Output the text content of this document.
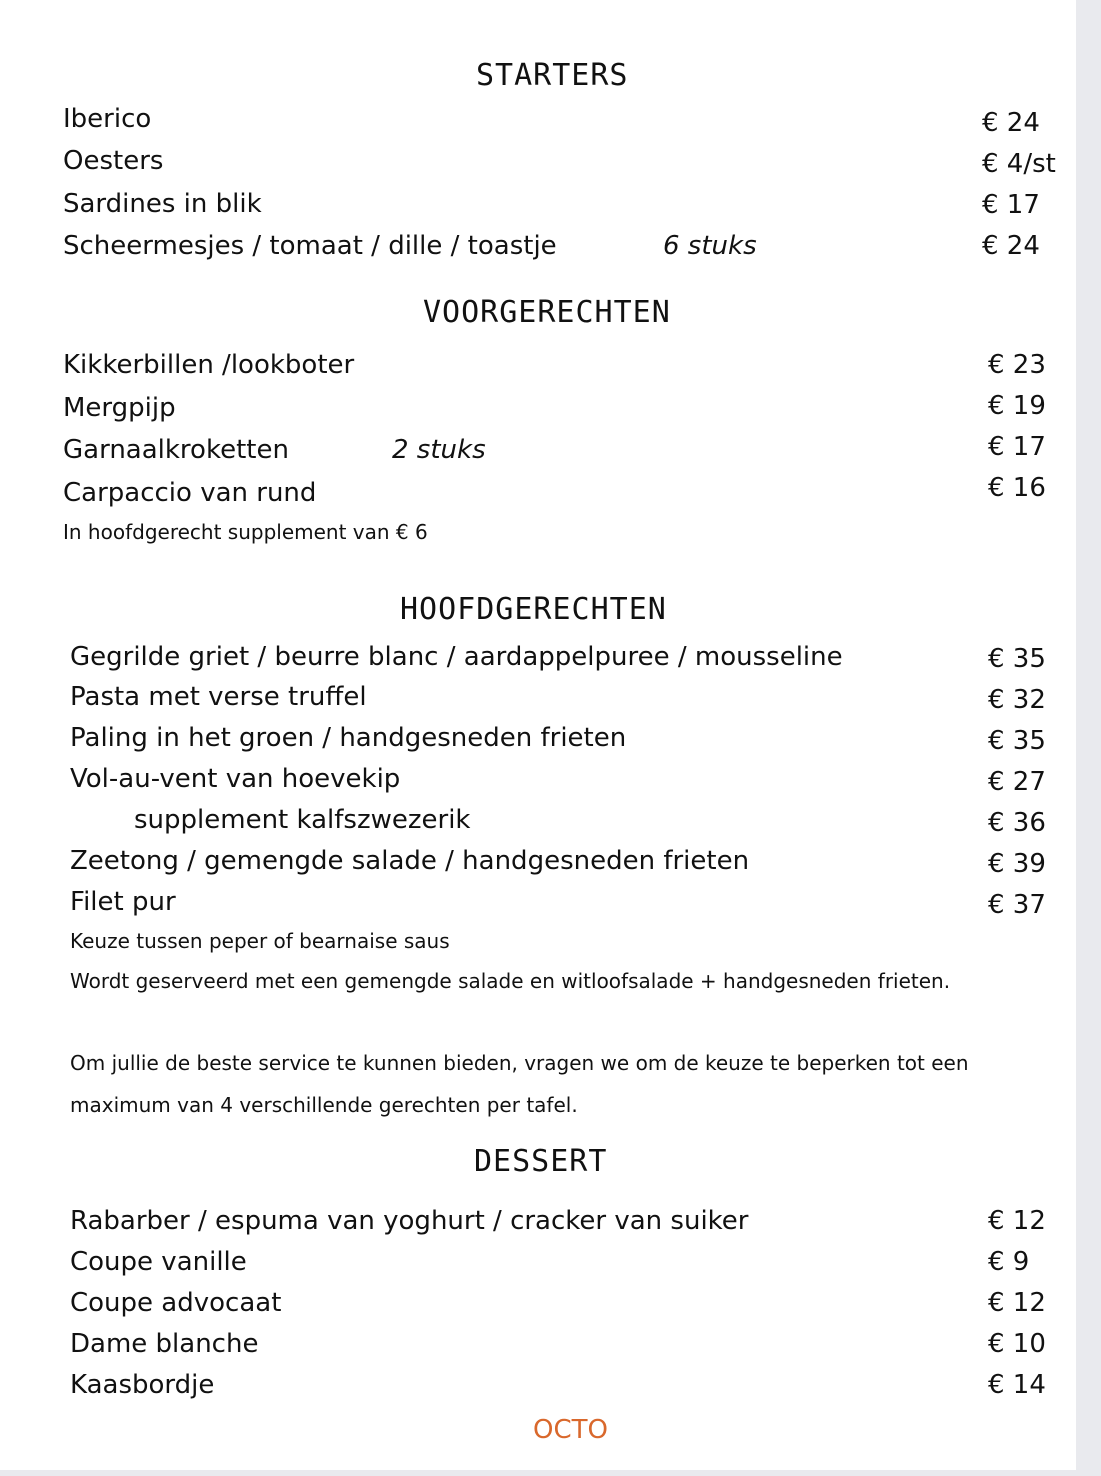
STARTERS
Iberico	€ 24
Oesters	€ 4/st
Sardines in blik	€ 17
Scheermesjes / tomaat / dille / toastje	6 stuks	€ 24
VOORGERECHTEN
Kikkerbillen /lookboter	€ 23
Mergpijp	€ 19
Garnaalkroketten	2 stuks	€ 17
Carpaccio van rund	€ 16
In hoofdgerecht supplement van € 6
HOOFDGERECHTEN
Gegrilde griet / beurre blanc / aardappelpuree / mousseline	€ 35
Pasta met verse truffel	€ 32
Paling in het groen / handgesneden frieten	€ 35
Vol-au-vent van hoevekip	€ 27
supplement kalfszwezerik	€ 36
Zeetong / gemengde salade / handgesneden frieten	€ 39
Filet pur	€ 37
Keuze tussen peper of bearnaise saus
Wordt geserveerd met een gemengde salade en witloofsalade + handgesneden frieten.
Om jullie de beste service te kunnen bieden, vragen we om de keuze te beperken tot een
maximum van 4 verschillende gerechten per tafel.
DESSERT
Rabarber / espuma van yoghurt / cracker van suiker	€ 12
Coupe vanille	€ 9
Coupe advocaat	€ 12
Dame blanche	€ 10
Kaasbordje	€ 14
OCTO
